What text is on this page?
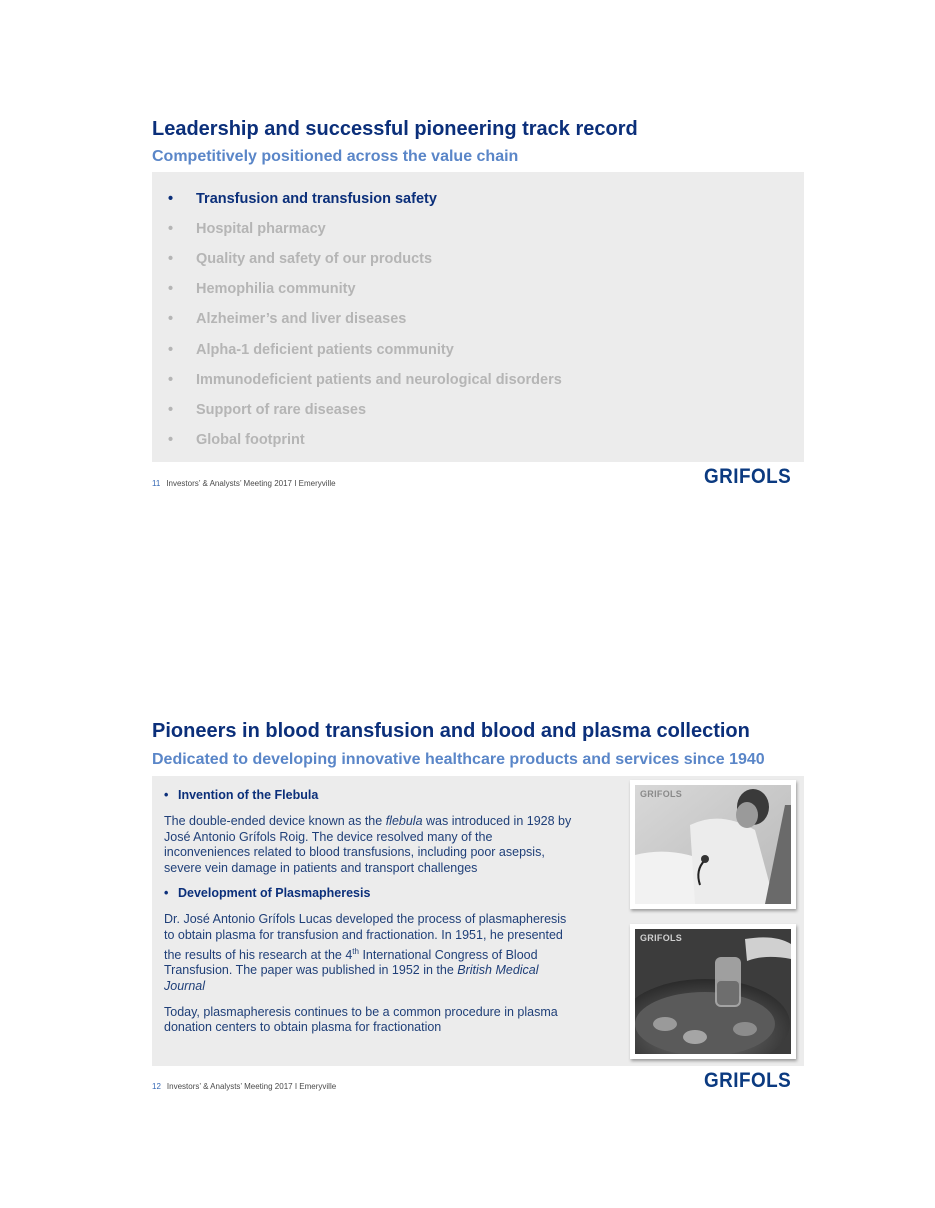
Leadership and successful pioneering track record
Competitively positioned across the value chain
•	Transfusion and transfusion safety
•	Hospital pharmacy
•	Quality and safety of our products
•	Hemophilia community
•	Alzheimer’s and liver diseases
•	Alpha-1 deficient patients community
•	Immunodeficient patients and neurological disorders
•	Support of rare diseases
•	Global footprint
11 Investors’ & Analysts’ Meeting 2017 I Emeryville	GRIFOLS
Pioneers in blood transfusion and blood and plasma collection
Dedicated to developing innovative healthcare products and services since 1940
• Invention of the Flebula

The double-ended device known as the flebula was introduced in 1928 by José Antonio Grífols Roig. The device resolved many of the inconveniences related to blood transfusions, including poor asepsis, severe vein damage in patients and transport challenges

• Development of Plasmapheresis

Dr. José Antonio Grífols Lucas developed the process of plasmapheresis to obtain plasma for transfusion and fractionation. In 1951, he presented the results of his research at the 4th International Congress of Blood Transfusion. The paper was published in 1952 in the British Medical Journal

Today, plasmapheresis continues to be a common procedure in plasma donation centers to obtain plasma for fractionation

GRIFOLS
GRIFOLS
12 Investors’ & Analysts’ Meeting 2017 I Emeryville	GRIFOLS
